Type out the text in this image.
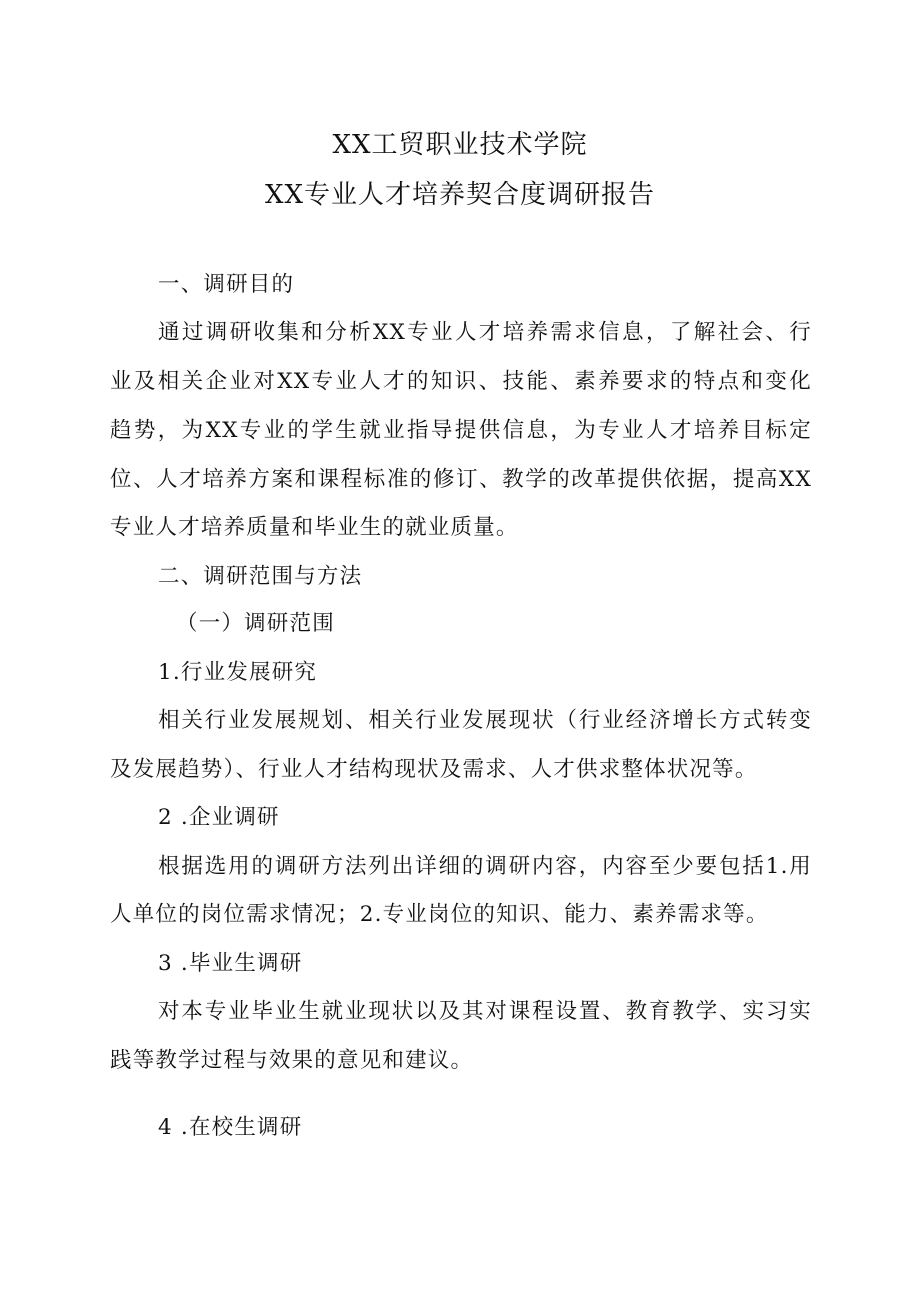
XX工贸职业技术学院
XX专业人才培养契合度调研报告
一、调研目的
通过调研收集和分析XX专业人才培养需求信息，了解社会、行
业及相关企业对XX专业人才的知识、技能、素养要求的特点和变化
趋势，为XX专业的学生就业指导提供信息，为专业人才培养目标定
位、人才培养方案和课程标准的修订、教学的改革提供依据，提高XX
专业人才培养质量和毕业生的就业质量。
二、调研范围与方法
（一）调研范围
1.行业发展研究
相关行业发展规划、相关行业发展现状（行业经济增长方式转变
及发展趋势）、行业人才结构现状及需求、人才供求整体状况等。
2 .企业调研
根据选用的调研方法列出详细的调研内容，内容至少要包括1.用
人单位的岗位需求情况；2.专业岗位的知识、能力、素养需求等。
3 .毕业生调研
对本专业毕业生就业现状以及其对课程设置、教育教学、实习实
践等教学过程与效果的意见和建议。
4 .在校生调研
